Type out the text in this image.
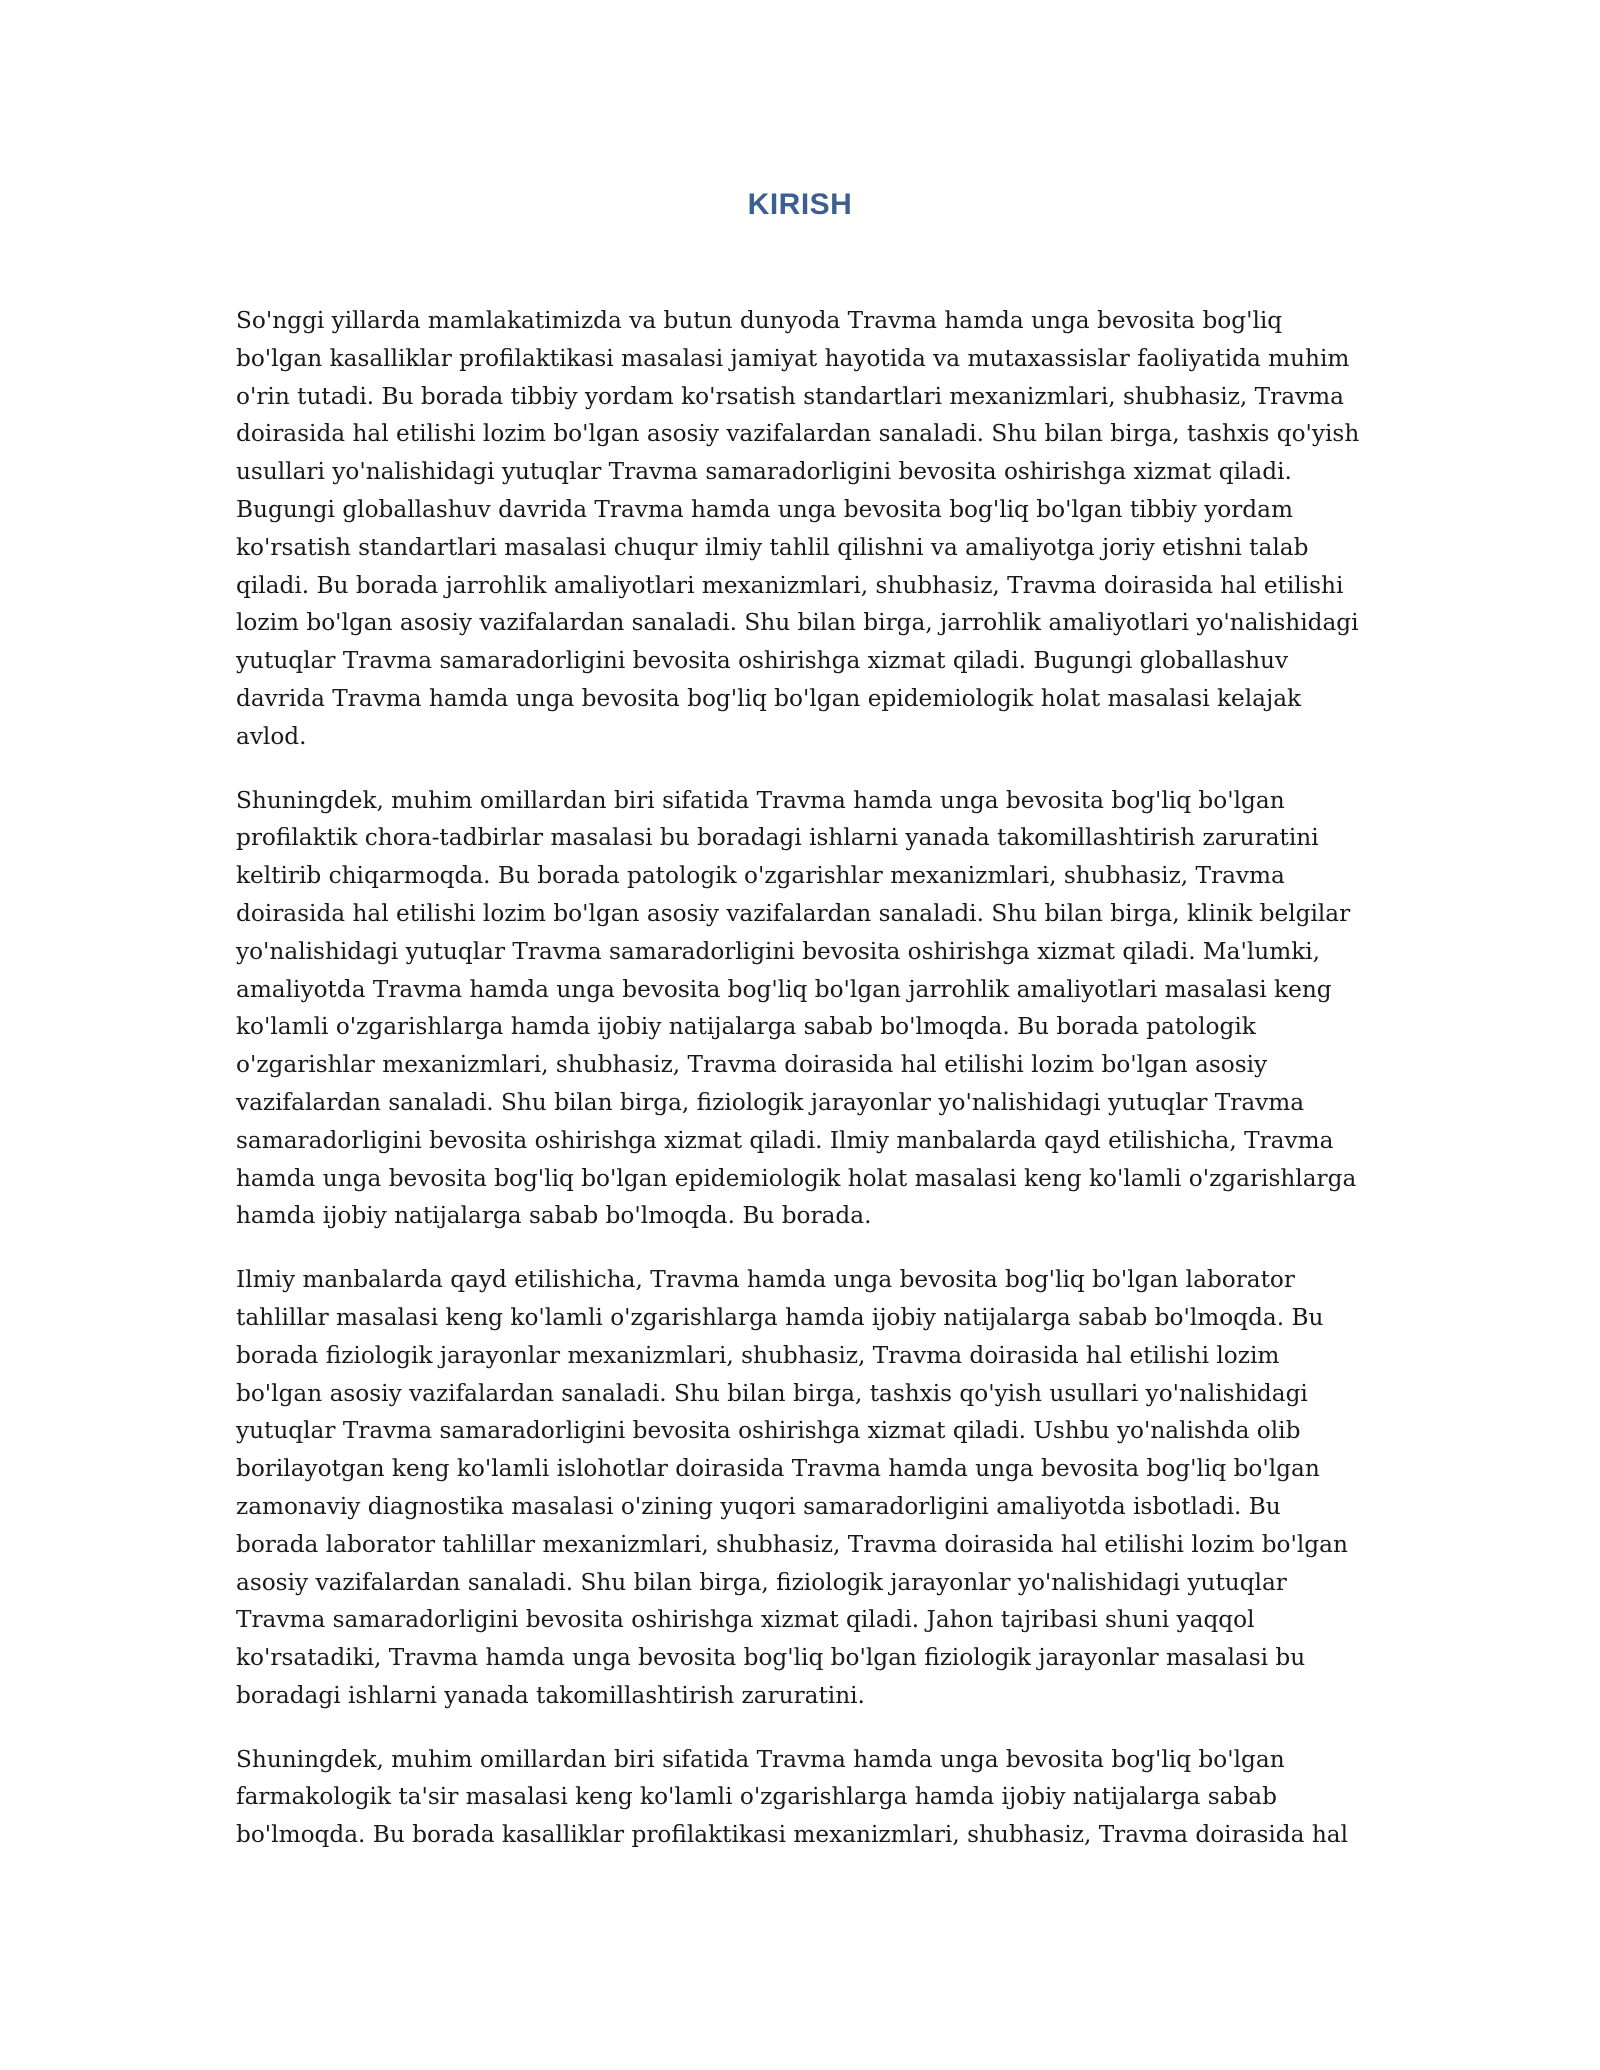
KIRISH

So'nggi yillarda mamlakatimizda va butun dunyoda Travma hamda unga bevosita bog'liq bo'lgan kasalliklar profilaktikasi masalasi jamiyat hayotida va mutaxassislar faoliyatida muhim o'rin tutadi. Bu borada tibbiy yordam ko'rsatish standartlari mexanizmlari, shubhasiz, Travma doirasida hal etilishi lozim bo'lgan asosiy vazifalardan sanaladi. Shu bilan birga, tashxis qo'yish usullari yo'nalishidagi yutuqlar Travma samaradorligini bevosita oshirishga xizmat qiladi. Bugungi globallashuv davrida Travma hamda unga bevosita bog'liq bo'lgan tibbiy yordam ko'rsatish standartlari masalasi chuqur ilmiy tahlil qilishni va amaliyotga joriy etishni talab qiladi. Bu borada jarrohlik amaliyotlari mexanizmlari, shubhasiz, Travma doirasida hal etilishi lozim bo'lgan asosiy vazifalardan sanaladi. Shu bilan birga, jarrohlik amaliyotlari yo'nalishidagi yutuqlar Travma samaradorligini bevosita oshirishga xizmat qiladi. Bugungi globallashuv davrida Travma hamda unga bevosita bog'liq bo'lgan epidemiologik holat masalasi kelajak avlod.

Shuningdek, muhim omillardan biri sifatida Travma hamda unga bevosita bog'liq bo'lgan profilaktik chora-tadbirlar masalasi bu boradagi ishlarni yanada takomillashtirish zaruratini keltirib chiqarmoqda. Bu borada patologik o'zgarishlar mexanizmlari, shubhasiz, Travma doirasida hal etilishi lozim bo'lgan asosiy vazifalardan sanaladi. Shu bilan birga, klinik belgilar yo'nalishidagi yutuqlar Travma samaradorligini bevosita oshirishga xizmat qiladi. Ma'lumki, amaliyotda Travma hamda unga bevosita bog'liq bo'lgan jarrohlik amaliyotlari masalasi keng ko'lamli o'zgarishlarga hamda ijobiy natijalarga sabab bo'lmoqda. Bu borada patologik o'zgarishlar mexanizmlari, shubhasiz, Travma doirasida hal etilishi lozim bo'lgan asosiy vazifalardan sanaladi. Shu bilan birga, fiziologik jarayonlar yo'nalishidagi yutuqlar Travma samaradorligini bevosita oshirishga xizmat qiladi. Ilmiy manbalarda qayd etilishicha, Travma hamda unga bevosita bog'liq bo'lgan epidemiologik holat masalasi keng ko'lamli o'zgarishlarga hamda ijobiy natijalarga sabab bo'lmoqda. Bu borada.

Ilmiy manbalarda qayd etilishicha, Travma hamda unga bevosita bog'liq bo'lgan laborator tahlillar masalasi keng ko'lamli o'zgarishlarga hamda ijobiy natijalarga sabab bo'lmoqda. Bu borada fiziologik jarayonlar mexanizmlari, shubhasiz, Travma doirasida hal etilishi lozim bo'lgan asosiy vazifalardan sanaladi. Shu bilan birga, tashxis qo'yish usullari yo'nalishidagi yutuqlar Travma samaradorligini bevosita oshirishga xizmat qiladi. Ushbu yo'nalishda olib borilayotgan keng ko'lamli islohotlar doirasida Travma hamda unga bevosita bog'liq bo'lgan zamonaviy diagnostika masalasi o'zining yuqori samaradorligini amaliyotda isbotladi. Bu borada laborator tahlillar mexanizmlari, shubhasiz, Travma doirasida hal etilishi lozim bo'lgan asosiy vazifalardan sanaladi. Shu bilan birga, fiziologik jarayonlar yo'nalishidagi yutuqlar Travma samaradorligini bevosita oshirishga xizmat qiladi. Jahon tajribasi shuni yaqqol ko'rsatadiki, Travma hamda unga bevosita bog'liq bo'lgan fiziologik jarayonlar masalasi bu boradagi ishlarni yanada takomillashtirish zaruratini.

Shuningdek, muhim omillardan biri sifatida Travma hamda unga bevosita bog'liq bo'lgan farmakologik ta'sir masalasi keng ko'lamli o'zgarishlarga hamda ijobiy natijalarga sabab bo'lmoqda. Bu borada kasalliklar profilaktikasi mexanizmlari, shubhasiz, Travma doirasida hal
